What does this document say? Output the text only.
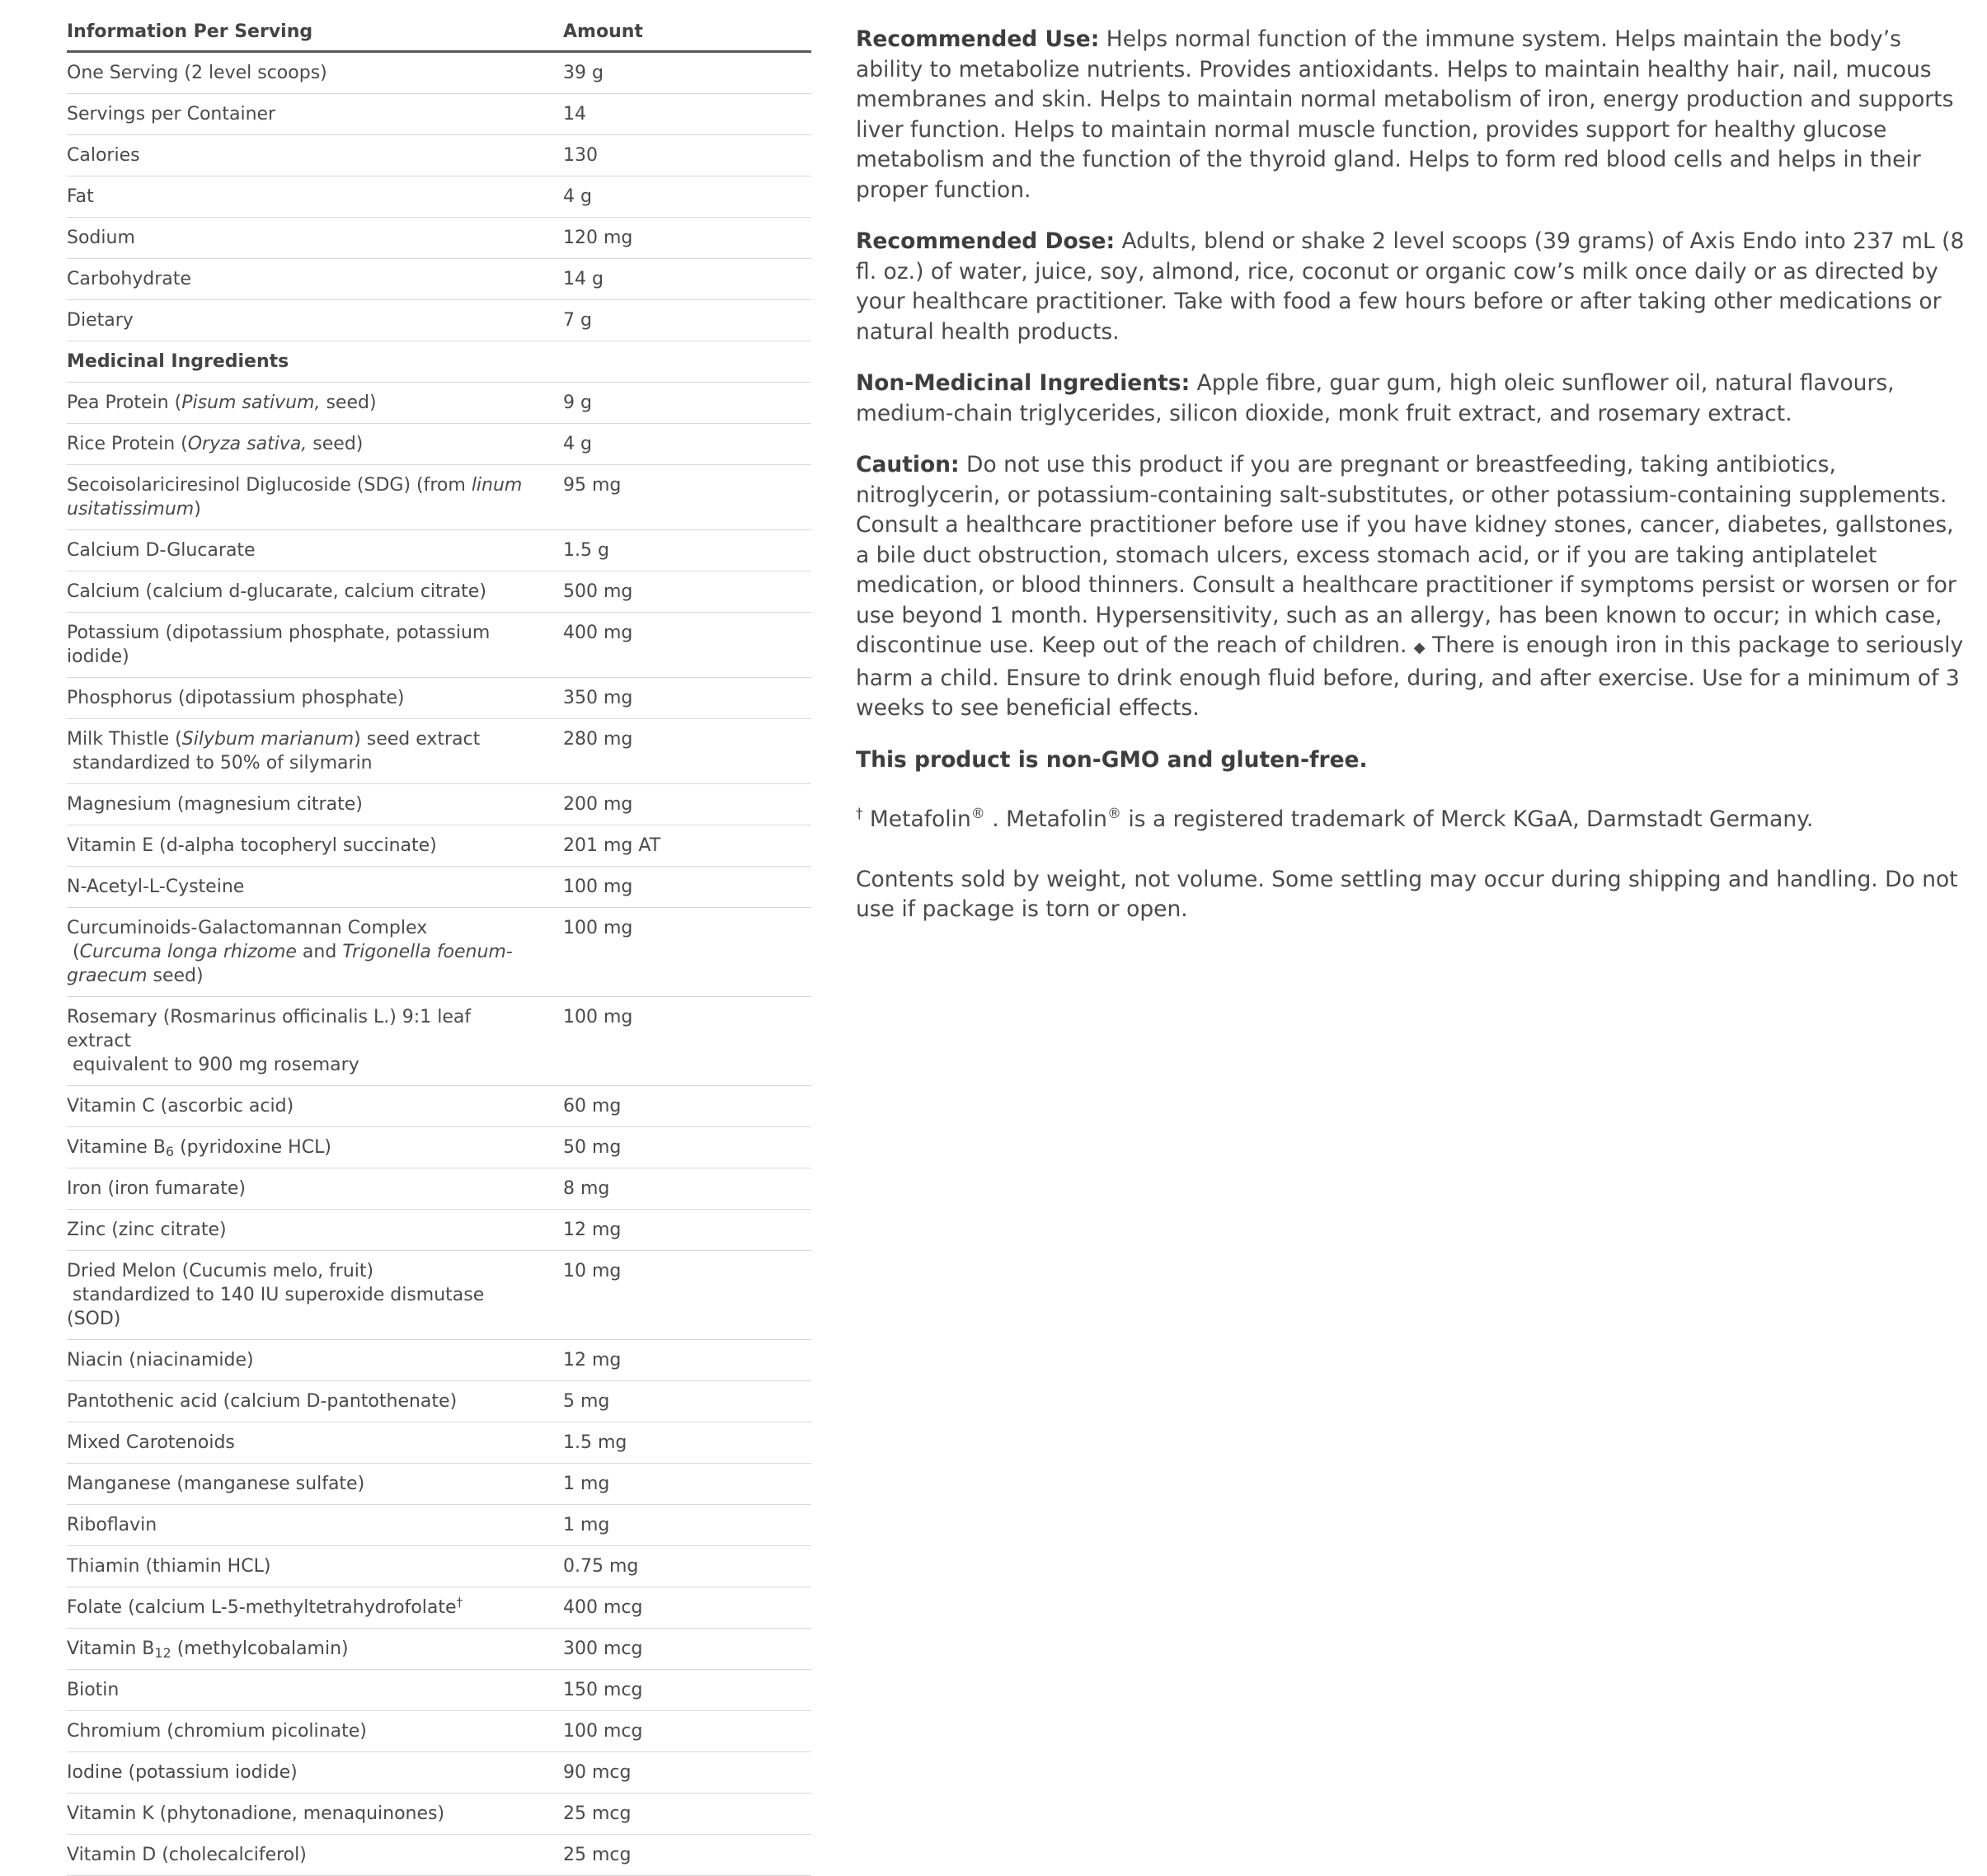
Information Per Serving	Amount
One Serving (2 level scoops)	39 g
Servings per Container	14
Calories	130
Fat	4 g
Sodium	120 mg
Carbohydrate	14 g
Dietary	7 g
Medicinal Ingredients	
Pea Protein (Pisum sativum, seed)	9 g
Rice Protein (Oryza sativa, seed)	4 g
Secoisolariciresinol Diglucoside (SDG) (from linum usitatissimum)	95 mg
Calcium D-Glucarate	1.5 g
Calcium (calcium d-glucarate, calcium citrate)	500 mg
Potassium (dipotassium phosphate, potassium iodide)	400 mg
Phosphorus (dipotassium phosphate)	350 mg
Milk Thistle (Silybum marianum) seed extract
standardized to 50% of silymarin	280 mg
Magnesium (magnesium citrate)	200 mg
Vitamin E (d-alpha tocopheryl succinate)	201 mg AT
N-Acetyl-L-Cysteine	100 mg
Curcuminoids-Galactomannan Complex
(Curcuma longa rhizome and Trigonella foenum-graecum seed)	100 mg
Rosemary (Rosmarinus officinalis L.) 9:1 leaf extract
equivalent to 900 mg rosemary	100 mg
Vitamin C (ascorbic acid)	60 mg
Vitamine $B_6$ (pyridoxine HCL)	50 mg
Iron (iron fumarate)	8 mg
Zinc (zinc citrate)	12 mg
Dried Melon (Cucumis melo, fruit)
standardized to 140 IU superoxide dismutase (SOD)	10 mg
Niacin (niacinamide)	12 mg
Pantothenic acid (calcium D-pantothenate)	5 mg
Mixed Carotenoids	1.5 mg
Manganese (manganese sulfate)	1 mg
Riboflavin	1 mg
Thiamin (thiamin HCL)	0.75 mg
Folate (calcium L-5-methyltetrahydrofolate†	400 mcg
Vitamin $B_{12}$ (methylcobalamin)	300 mcg
Biotin	150 mcg
Chromium (chromium picolinate)	100 mcg
Iodine (potassium iodide)	90 mcg
Vitamin K (phytonadione, menaquinones)	25 mcg
Vitamin D (cholecalciferol)	25 mcg

Recommended Use: Helps normal function of the immune system. Helps maintain the body’s ability to metabolize nutrients. Provides antioxidants. Helps to maintain healthy hair, nail, mucous membranes and skin. Helps to maintain normal metabolism of iron, energy production and supports liver function. Helps to maintain normal muscle function, provides support for healthy glucose metabolism and the function of the thyroid gland. Helps to form red blood cells and helps in their proper function.

Recommended Dose: Adults, blend or shake 2 level scoops (39 grams) of Axis Endo into 237 mL (8 fl. oz.) of water, juice, soy, almond, rice, coconut or organic cow’s milk once daily or as directed by your healthcare practitioner. Take with food a few hours before or after taking other medications or natural health products.

Non-Medicinal Ingredients: Apple fibre, guar gum, high oleic sunflower oil, natural flavours, medium-chain triglycerides, silicon dioxide, monk fruit extract, and rosemary extract.

Caution: Do not use this product if you are pregnant or breastfeeding, taking antibiotics, nitroglycerin, or potassium-containing salt-substitutes, or other potassium-containing supplements. Consult a healthcare practitioner before use if you have kidney stones, cancer, diabetes, gallstones, a bile duct obstruction, stomach ulcers, excess stomach acid, or if you are taking antiplatelet medication, or blood thinners. Consult a healthcare practitioner if symptoms persist or worsen or for use beyond 1 month. Hypersensitivity, such as an allergy, has been known to occur; in which case, discontinue use. Keep out of the reach of children. ◆ There is enough iron in this package to seriously harm a child. Ensure to drink enough fluid before, during, and after exercise. Use for a minimum of 3 weeks to see beneficial effects.

This product is non-GMO and gluten-free.

† Metafolin® . Metafolin® is a registered trademark of Merck KGaA, Darmstadt Germany.

Contents sold by weight, not volume. Some settling may occur during shipping and handling. Do not use if package is torn or open.
